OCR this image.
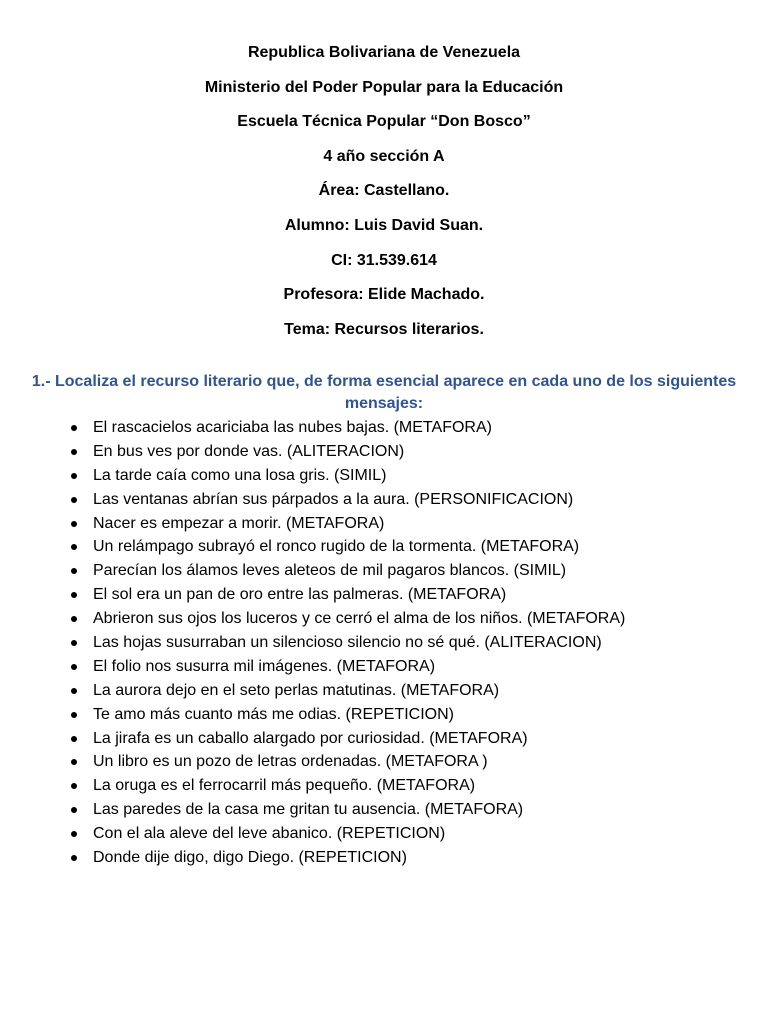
Republica Bolivariana de Venezuela
Ministerio del Poder Popular para la Educación
Escuela Técnica Popular “Don Bosco”
4 año sección A
Área: Castellano.
Alumno: Luis David Suan.
CI: 31.539.614
Profesora: Elide Machado.
Tema: Recursos literarios.
1.- Localiza el recurso literario que, de forma esencial aparece en cada uno de los siguientes mensajes:
El rascacielos acariciaba las nubes bajas. (METAFORA)
En bus ves por donde vas. (ALITERACION)
La tarde caía como una losa gris. (SIMIL)
Las ventanas abrían sus párpados a la aura. (PERSONIFICACION)
Nacer es empezar a morir. (METAFORA)
Un relámpago subrayó el ronco rugido de la tormenta. (METAFORA)
Parecían los álamos leves aleteos de mil pagaros blancos. (SIMIL)
El sol era un pan de oro entre las palmeras. (METAFORA)
Abrieron sus ojos los luceros y ce cerró el alma de los niños. (METAFORA)
Las hojas susurraban un silencioso silencio no sé qué. (ALITERACION)
El folio nos susurra mil imágenes. (METAFORA)
La aurora dejo en el seto perlas matutinas. (METAFORA)
Te amo más cuanto más me odias. (REPETICION)
La jirafa es un caballo alargado por curiosidad. (METAFORA)
Un libro es un pozo de letras ordenadas. (METAFORA )
La oruga es el ferrocarril más pequeño. (METAFORA)
Las paredes de la casa me gritan tu ausencia. (METAFORA)
Con el ala aleve del leve abanico. (REPETICION)
Donde dije digo, digo Diego. (REPETICION)
